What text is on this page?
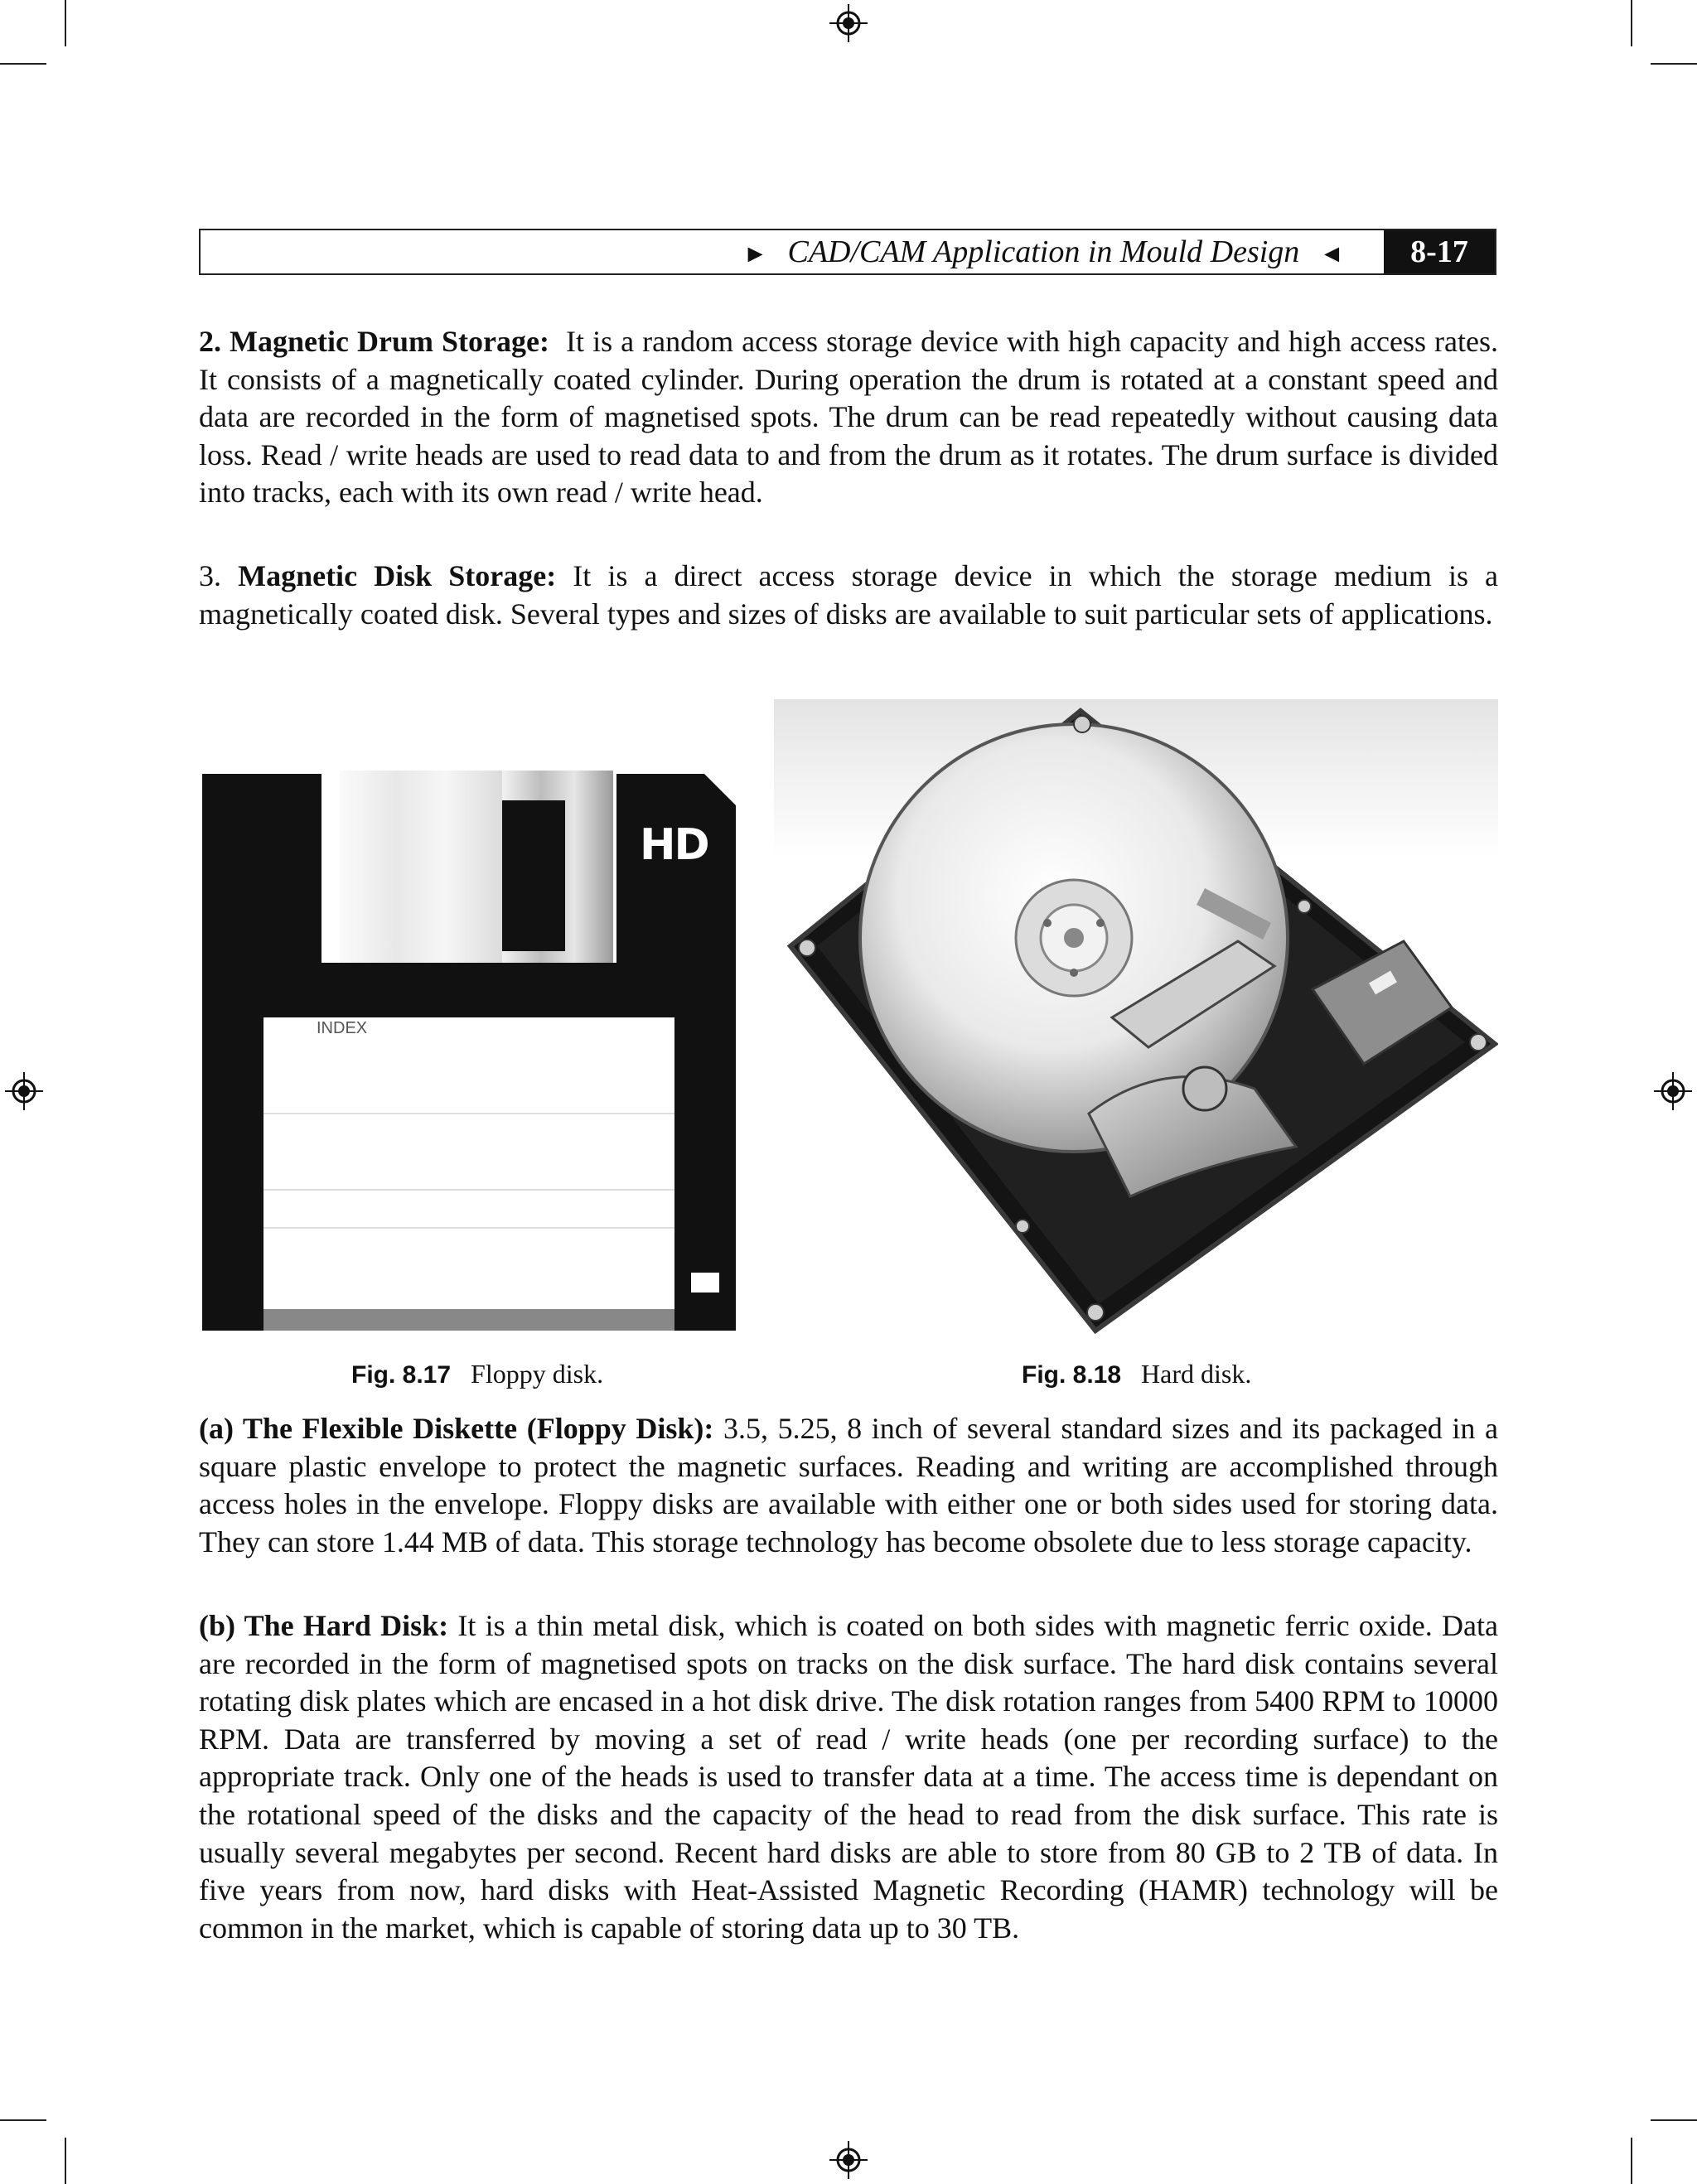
► CAD/CAM Application in Mould Design ◄	8-17

2. Magnetic Drum Storage: It is a random access storage device with high capacity and high access rates. It consists of a magnetically coated cylinder. During operation the drum is rotated at a constant speed and data are recorded in the form of magnetised spots. The drum can be read repeatedly without causing data loss. Read / write heads are used to read data to and from the drum as it rotates. The drum surface is divided into tracks, each with its own read / write head.

3. Magnetic Disk Storage: It is a direct access storage device in which the storage medium is a magnetically coated disk. Several types and sizes of disks are available to suit particular sets of applications.

HD
INDEX
Fig. 8.17 Floppy disk.	Fig. 8.18 Hard disk.

(a) The Flexible Diskette (Floppy Disk): 3.5, 5.25, 8 inch of several standard sizes and its packaged in a square plastic envelope to protect the magnetic surfaces. Reading and writing are accomplished through access holes in the envelope. Floppy disks are available with either one or both sides used for storing data. They can store 1.44 MB of data. This storage technology has become obsolete due to less storage capacity.

(b) The Hard Disk: It is a thin metal disk, which is coated on both sides with magnetic ferric oxide. Data are recorded in the form of magnetised spots on tracks on the disk surface. The hard disk contains several rotating disk plates which are encased in a hot disk drive. The disk rotation ranges from 5400 RPM to 10000 RPM. Data are transferred by moving a set of read / write heads (one per recording surface) to the appropriate track. Only one of the heads is used to transfer data at a time. The access time is dependant on the rotational speed of the disks and the capacity of the head to read from the disk surface. This rate is usually several megabytes per second. Recent hard disks are able to store from 80 GB to 2 TB of data. In five years from now, hard disks with Heat-Assisted Magnetic Recording (HAMR) technology will be common in the market, which is capable of storing data up to 30 TB.
